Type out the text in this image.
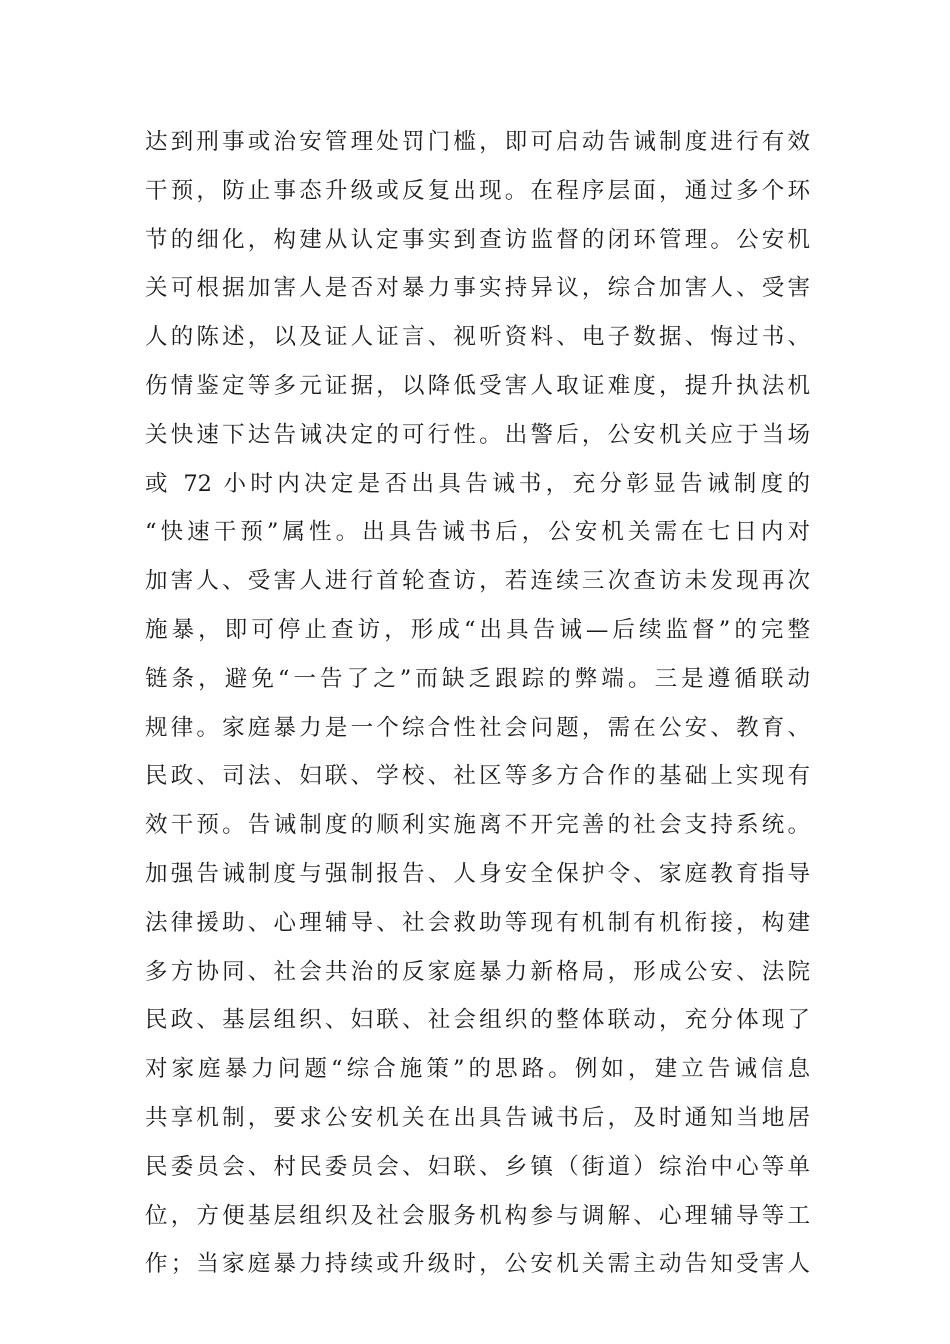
达到刑事或治安管理处罚门槛，即可启动告诫制度进行有效
干预，防止事态升级或反复出现。在程序层面，通过多个环
节的细化，构建从认定事实到查访监督的闭环管理。公安机
关可根据加害人是否对暴力事实持异议，综合加害人、受害
人的陈述，以及证人证言、视听资料、电子数据、悔过书、
伤情鉴定等多元证据，以降低受害人取证难度，提升执法机
关快速下达告诫决定的可行性。出警后，公安机关应于当场
或 72 小时内决定是否出具告诫书，充分彰显告诫制度的
“快速干预”属性。出具告诫书后，公安机关需在七日内对
加害人、受害人进行首轮查访，若连续三次查访未发现再次
施暴，即可停止查访，形成“出具告诫—后续监督”的完整
链条，避免“一告了之”而缺乏跟踪的弊端。三是遵循联动
规律。家庭暴力是一个综合性社会问题，需在公安、教育、
民政、司法、妇联、学校、社区等多方合作的基础上实现有
效干预。告诫制度的顺利实施离不开完善的社会支持系统。
加强告诫制度与强制报告、人身安全保护令、家庭教育指导
法律援助、心理辅导、社会救助等现有机制有机衔接，构建
多方协同、社会共治的反家庭暴力新格局，形成公安、法院
民政、基层组织、妇联、社会组织的整体联动，充分体现了
对家庭暴力问题“综合施策”的思路。例如，建立告诫信息
共享机制，要求公安机关在出具告诫书后，及时通知当地居
民委员会、村民委员会、妇联、乡镇（街道）综治中心等单
位，方便基层组织及社会服务机构参与调解、心理辅导等工
作；当家庭暴力持续或升级时，公安机关需主动告知受害人
